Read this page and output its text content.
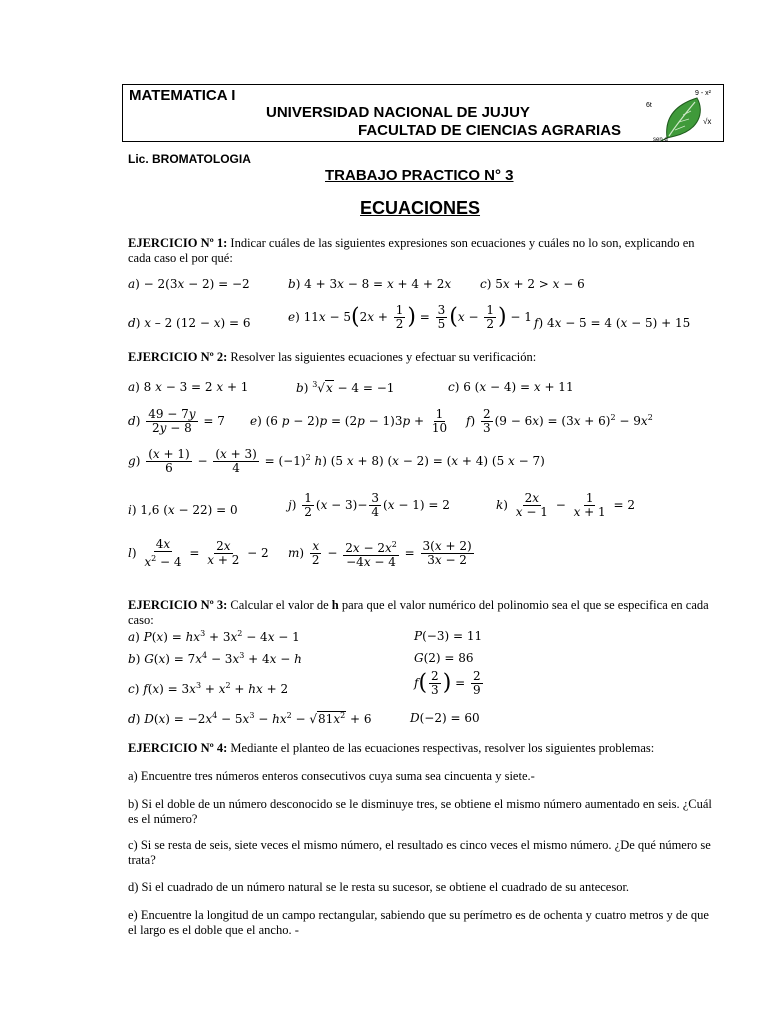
MATEMATICA I
UNIVERSIDAD NACIONAL DE JUJUY
FACULTAD DE CIENCIAS AGRARIAS
9 - x²
6t
√x
sen α
Lic. BROMATOLOGIA
TRABAJO PRACTICO N° 3
ECUACIONES
EJERCICIO Nº 1: Indicar cuáles de las siguientes expresiones son ecuaciones y cuáles no lo son, explicando en cada caso el por qué:
a) − 2(3x − 2) = −2	b) 4 + 3x − 8 = x + 4 + 2x c) 5x + 2 > x − 6
d) x – 2 (12 − x) = 6	e) $11x - 5(2x + \frac{1}{2}$ ) = $\frac{3}{5} (x - \frac{1}{2}$ ) − 1 f) 4x − 5 = 4 (x − 5) + 15
EJERCICIO Nº 2: Resolver las siguientes ecuaciones y efectuar su verificación:
a) 8 x − 3 = 2 x + 1	b) $^3$√x − 4 = −1	c) 6 (x − 4) = x + 11
$d) \frac{49 - 7y}{2y - 8} = 7$ e) (6 $p - 2)p = (2p - 1)3p + \frac{1}{10} f) \frac{2}{3} (9 - 6x) = (3x + 6)^2 - 9x^2$
$g) \frac{(x + 1)}{6} - \frac{(x + 3)}{4} = (-1)^2$ h) (5 x + 8) (x − 2) = (x + 4) (5 x − 7)
i) 1,6 (x − 22) = 0	$j) \frac{1}{2} (x - 3)- \frac{3}{4} (x - 1) = 2$	$k) \frac{2x}{x - 1} - \frac{1}{x + 1} = 2$
$l) \frac{4x}{x^2 - 4} = \frac{2x}{x + 2} - 2$ $m) \frac{x}{2} - \frac{2x - 2x^2}{-4x - 4} = \frac{3(x + 2)}{3x - 2}$
EJERCICIO Nº 3: Calcular el valor de h para que el valor numérico del polinomio sea el que se especifica en cada caso:
a) $P(x) = hx^3 + 3x^2 - 4x - 1$	P(−3) = 11
b) $G(x) = 7x^4 - 3x^3 + 4x - h$	G(2) = 86
c) $f(x) = 3x^3 + x^2$ + hx + 2	$f( \frac{2}{3}$ ) = $\frac{2}{9}$
d) $D(x) = -2x^4 - 5x^3 - hx^2 - √81x^2 + 6$	D(−2) = 60
EJERCICIO Nº 4: Mediante el planteo de las ecuaciones respectivas, resolver los siguientes problemas:
a) Encuentre tres números enteros consecutivos cuya suma sea cincuenta y siete.-
b) Si el doble de un número desconocido se le disminuye tres, se obtiene el mismo número aumentado en seis. ¿Cuál es el número?
c) Si se resta de seis, siete veces el mismo número, el resultado es cinco veces el mismo número. ¿De qué número se trata?
d) Si el cuadrado de un número natural se le resta su sucesor, se obtiene el cuadrado de su antecesor.
e) Encuentre la longitud de un campo rectangular, sabiendo que su perímetro es de ochenta y cuatro metros y de que el largo es el doble que el ancho. -
